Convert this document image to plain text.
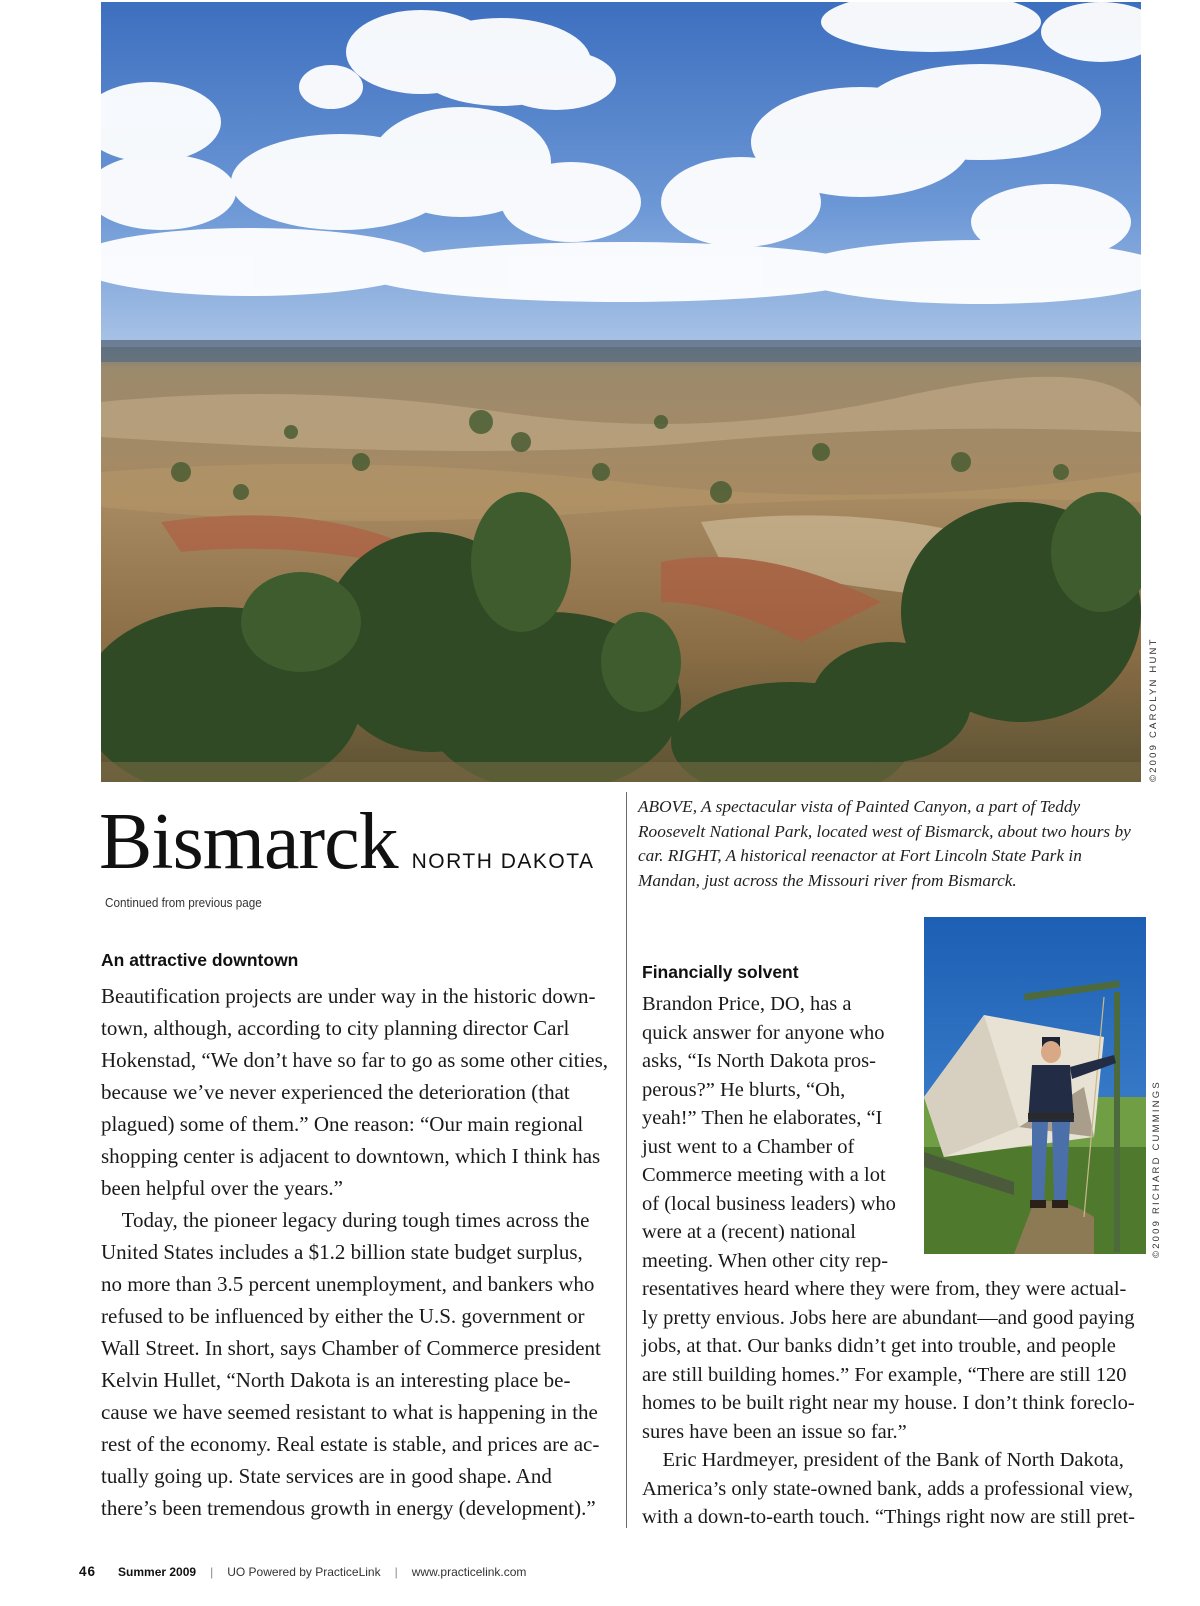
©2009 CAROLYN HUNT
Bismarck NORTH DAKOTA
Continued from previous page
ABOVE, A spectacular vista of Painted Canyon, a part of Teddy Roosevelt National Park, located west of Bismarck, about two hours by car. RIGHT, A historical reenactor at Fort Lincoln State Park in Mandan, just across the Missouri river from Bismarck.
An attractive downtown
Beautification projects are under way in the historic down-
town, although, according to city planning director Carl
Hokenstad, “We don’t have so far to go as some other cities,
because we’ve never experienced the deterioration (that
plagued) some of them.” One reason: “Our main regional
shopping center is adjacent to downtown, which I think has
been helpful over the years.”
Today, the pioneer legacy during tough times across the
United States includes a $1.2 billion state budget surplus,
no more than 3.5 percent unemployment, and bankers who
refused to be influenced by either the U.S. government or
Wall Street. In short, says Chamber of Commerce president
Kelvin Hullet, “North Dakota is an interesting place be-
cause we have seemed resistant to what is happening in the
rest of the economy. Real estate is stable, and prices are ac-
tually going up. State services are in good shape. And
there’s been tremendous growth in energy (development).”
Financially solvent
Brandon Price, DO, has a
quick answer for anyone who
asks, “Is North Dakota pros-
perous?” He blurts, “Oh,
yeah!” Then he elaborates, “I
just went to a Chamber of
Commerce meeting with a lot
of (local business leaders) who
were at a (recent) national
meeting. When other city rep-
resentatives heard where they were from, they were actual-
ly pretty envious. Jobs here are abundant—and good paying
jobs, at that. Our banks didn’t get into trouble, and people
are still building homes.” For example, “There are still 120
homes to be built right near my house. I don’t think foreclo-
sures have been an issue so far.”
Eric Hardmeyer, president of the Bank of North Dakota,
America’s only state-owned bank, adds a professional view,
with a down-to-earth touch. “Things right now are still pret-
©2009 RICHARD CUMMINGS
46 Summer 2009 | UO Powered by PracticeLink | www.practicelink.com
